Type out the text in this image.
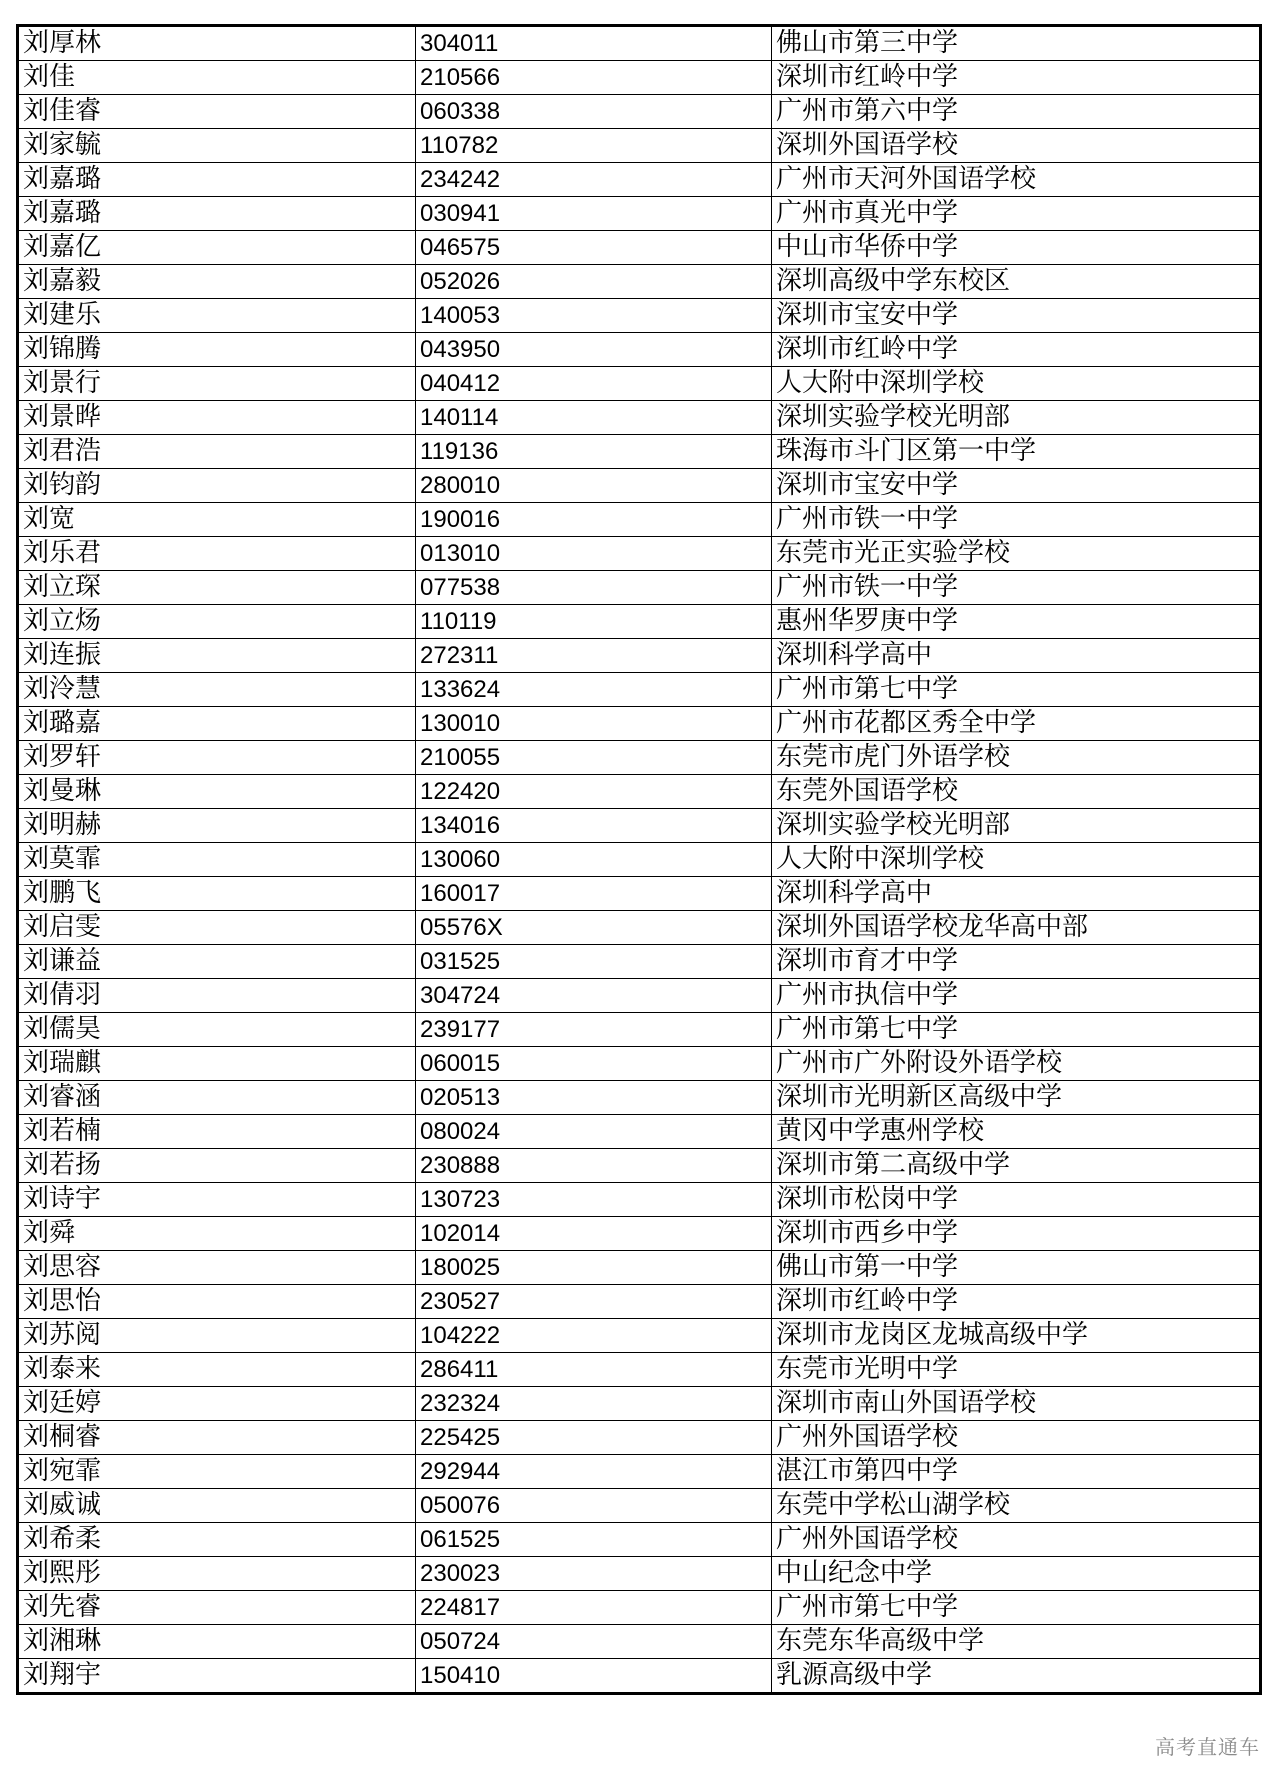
刘厚林	304011	佛山市第三中学
刘佳	210566	深圳市红岭中学
刘佳睿	060338	广州市第六中学
刘家毓	110782	深圳外国语学校
刘嘉璐	234242	广州市天河外国语学校
刘嘉璐	030941	广州市真光中学
刘嘉亿	046575	中山市华侨中学
刘嘉毅	052026	深圳高级中学东校区
刘建乐	140053	深圳市宝安中学
刘锦腾	043950	深圳市红岭中学
刘景行	040412	人大附中深圳学校
刘景晔	140114	深圳实验学校光明部
刘君浩	119136	珠海市斗门区第一中学
刘钧韵	280010	深圳市宝安中学
刘宽	190016	广州市铁一中学
刘乐君	013010	东莞市光正实验学校
刘立琛	077538	广州市铁一中学
刘立炀	110119	惠州华罗庚中学
刘连振	272311	深圳科学高中
刘泠慧	133624	广州市第七中学
刘璐嘉	130010	广州市花都区秀全中学
刘罗轩	210055	东莞市虎门外语学校
刘曼琳	122420	东莞外国语学校
刘明赫	134016	深圳实验学校光明部
刘莫霏	130060	人大附中深圳学校
刘鹏飞	160017	深圳科学高中
刘启雯	05576X	深圳外国语学校龙华高中部
刘谦益	031525	深圳市育才中学
刘倩羽	304724	广州市执信中学
刘儒昊	239177	广州市第七中学
刘瑞麒	060015	广州市广外附设外语学校
刘睿涵	020513	深圳市光明新区高级中学
刘若楠	080024	黄冈中学惠州学校
刘若扬	230888	深圳市第二高级中学
刘诗宇	130723	深圳市松岗中学
刘舜	102014	深圳市西乡中学
刘思容	180025	佛山市第一中学
刘思怡	230527	深圳市红岭中学
刘苏阅	104222	深圳市龙岗区龙城高级中学
刘泰来	286411	东莞市光明中学
刘廷婷	232324	深圳市南山外国语学校
刘桐睿	225425	广州外国语学校
刘宛霏	292944	湛江市第四中学
刘威诚	050076	东莞中学松山湖学校
刘希柔	061525	广州外国语学校
刘熙彤	230023	中山纪念中学
刘先睿	224817	广州市第七中学
刘湘琳	050724	东莞东华高级中学
刘翔宇	150410	乳源高级中学
高考直通车
